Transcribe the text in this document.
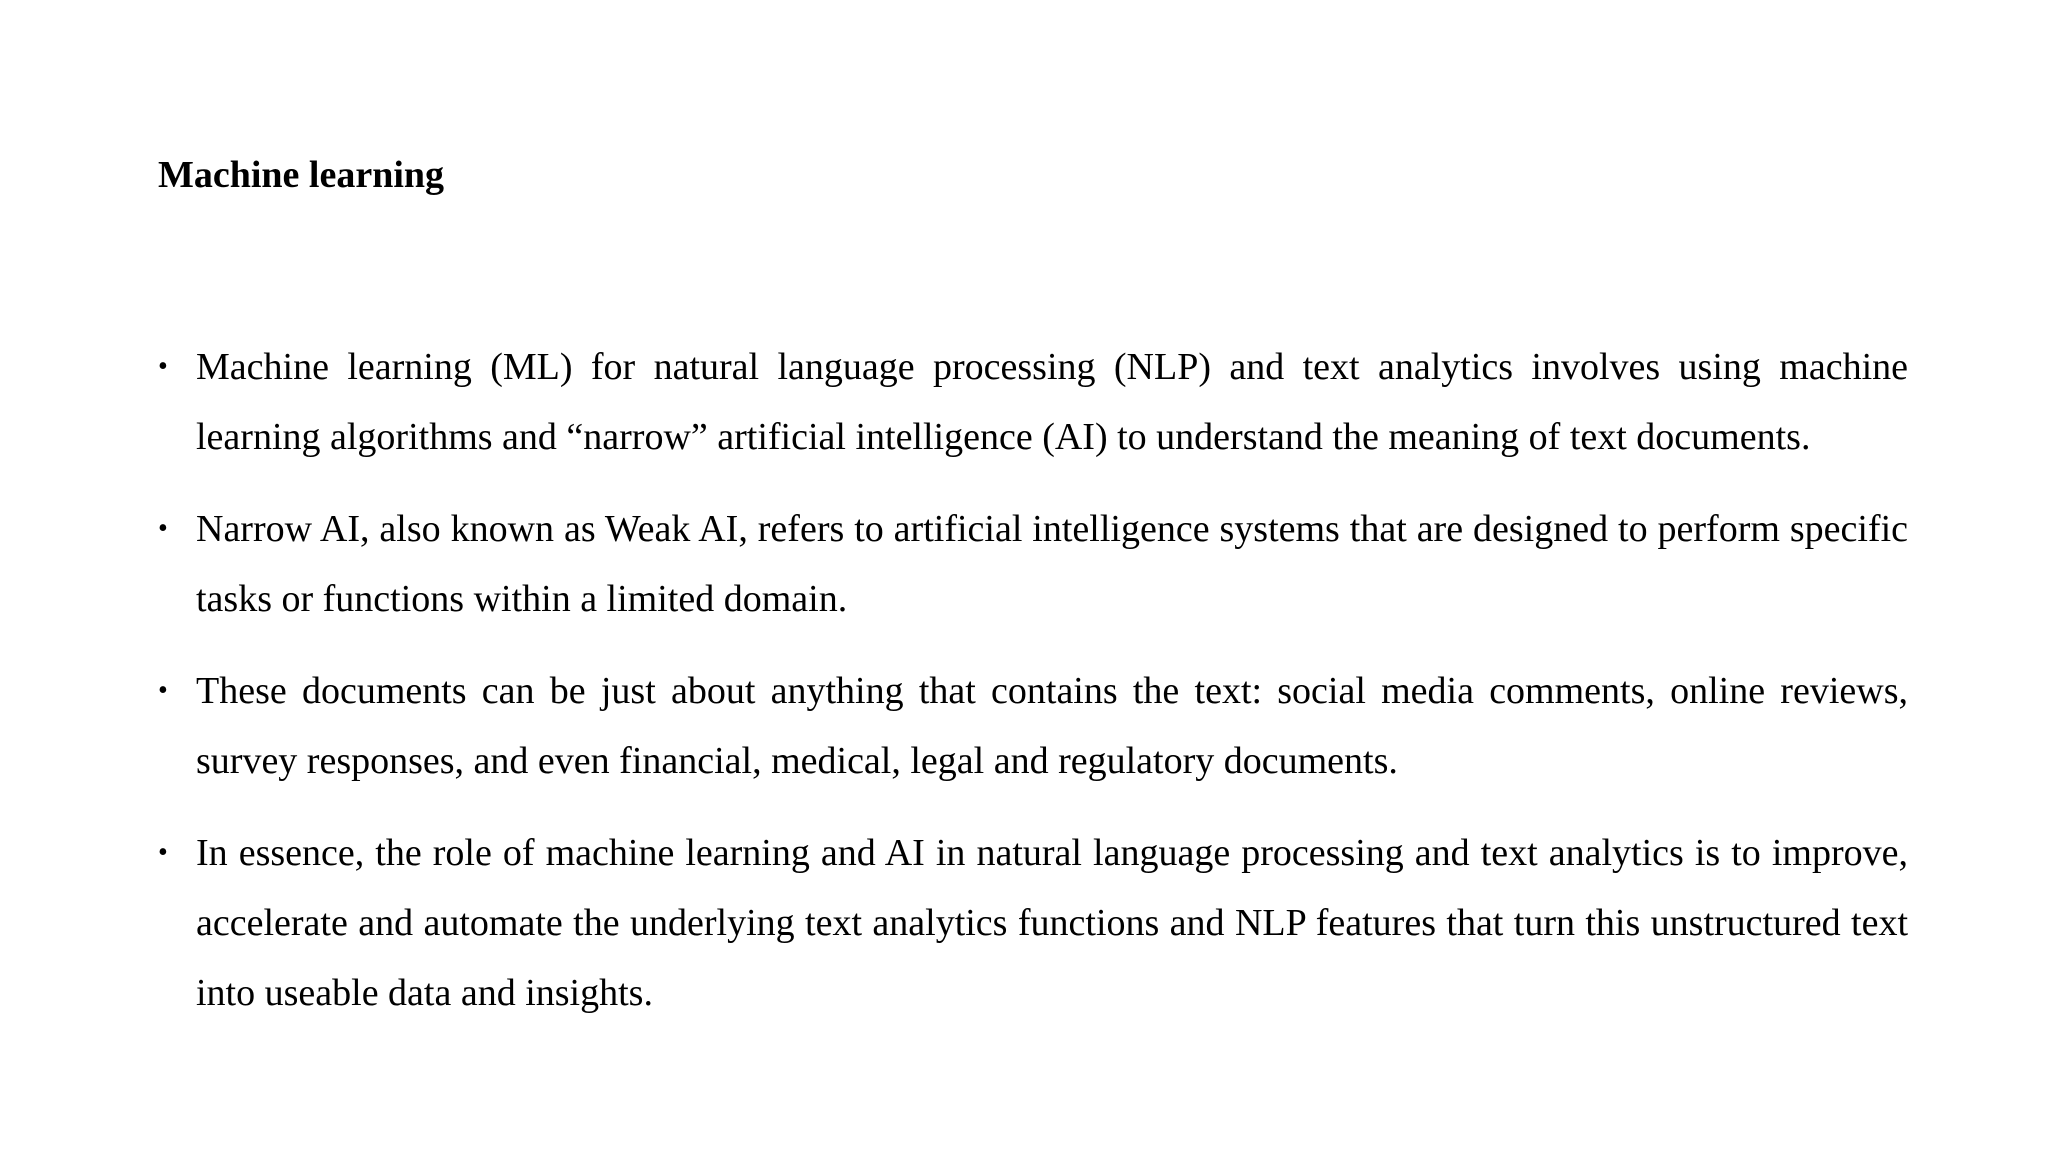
Machine learning
• Machine learning (ML) for natural language processing (NLP) and text analytics involves using machine learning algorithms and “narrow” artificial intelligence (AI) to understand the meaning of text documents.
• Narrow AI, also known as Weak AI, refers to artificial intelligence systems that are designed to perform specific tasks or functions within a limited domain.
• These documents can be just about anything that contains the text: social media comments, online reviews, survey responses, and even financial, medical, legal and regulatory documents.
• In essence, the role of machine learning and AI in natural language processing and text analytics is to improve, accelerate and automate the underlying text analytics functions and NLP features that turn this unstructured text into useable data and insights.
